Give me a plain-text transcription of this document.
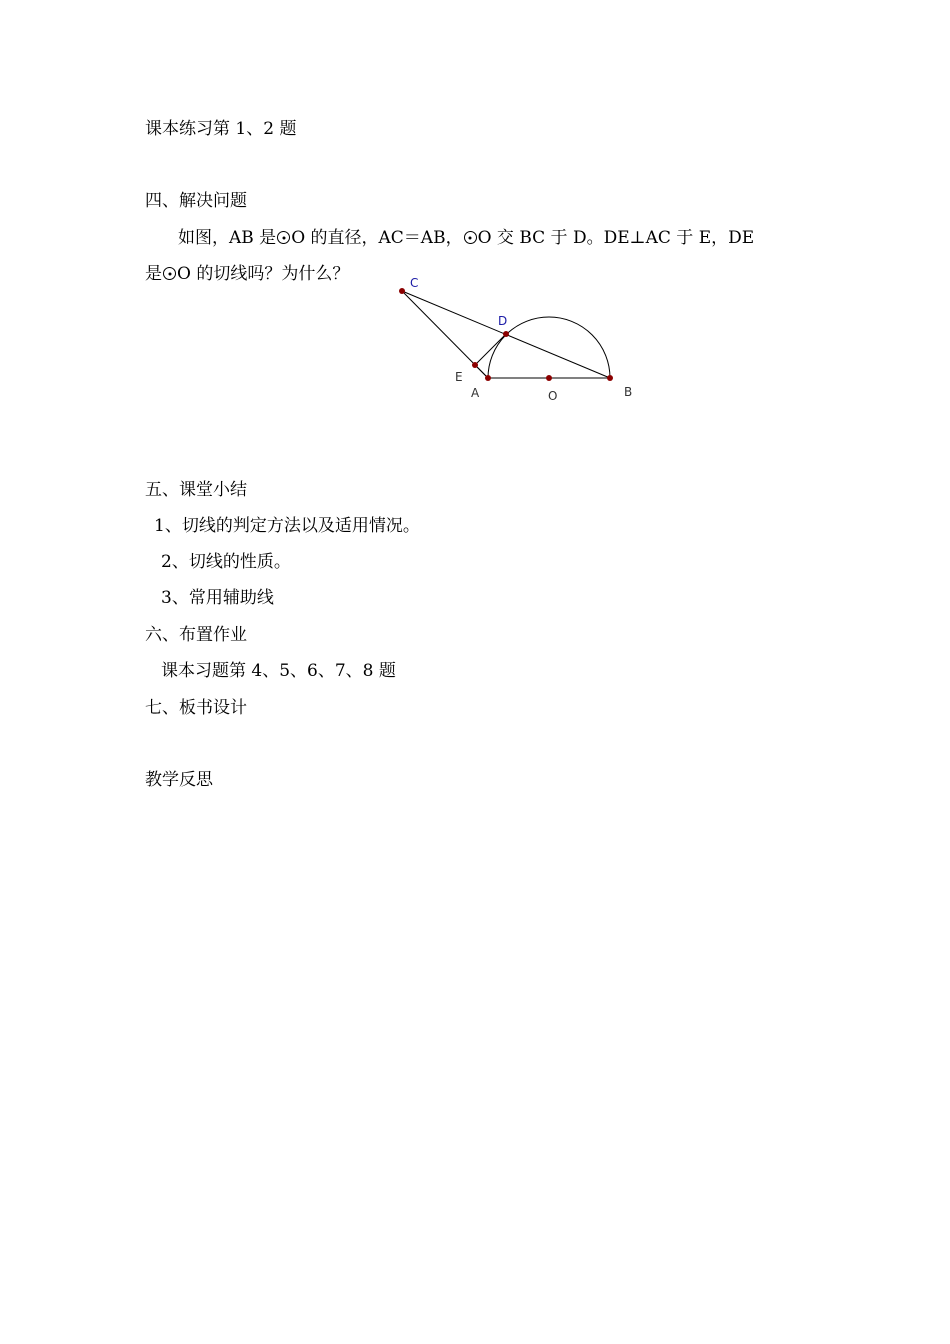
课本练习第 1、2 题

四、解决问题

如图，AB 是 O 的直径，AC＝AB， O 交 BC 于 D。DE⊥AC 于 E，DE

是 O 的切线吗？为什么？	C
D
E
A	O	B

五、课堂小结

1、切线的判定方法以及适用情况。

2、切线的性质。

3、常用辅助线

六、布置作业

课本习题第 4、5、6、7、8 题

七、板书设计

教学反思
